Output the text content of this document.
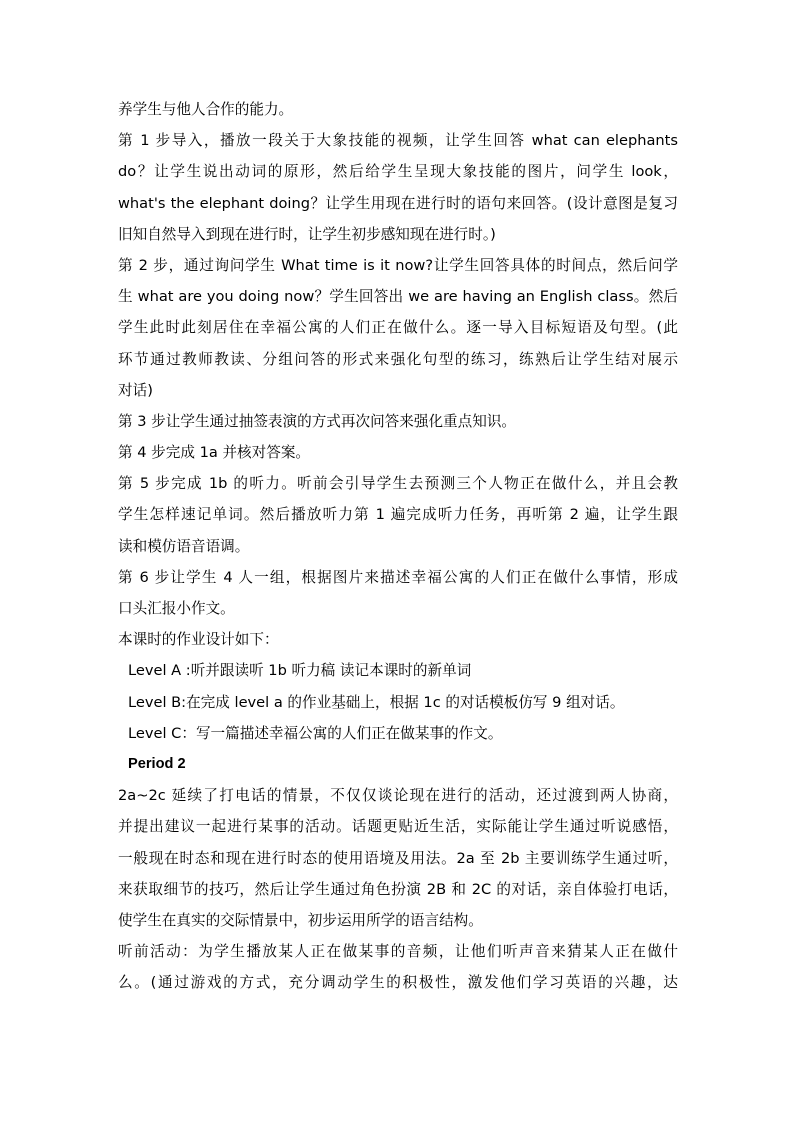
养学生与他人合作的能力。
第 1 步导入，播放一段关于大象技能的视频，让学生回答 what can elephants
do？让学生说出动词的原形，然后给学生呈现大象技能的图片，问学生 look，
what's the elephant doing？让学生用现在进行时的语句来回答。(设计意图是复习
旧知自然导入到现在进行时，让学生初步感知现在进行时。)
第 2 步，通过询问学生 What time is it now?让学生回答具体的时间点，然后问学
生 what are you doing now？学生回答出 we are having an English class。然后
学生此时此刻居住在幸福公寓的人们正在做什么。逐一导入目标短语及句型。(此
环节通过教师教读、分组问答的形式来强化句型的练习，练熟后让学生结对展示
对话)
第 3 步让学生通过抽签表演的方式再次问答来强化重点知识。
第 4 步完成 1a 并核对答案。
第 5 步完成 1b 的听力。听前会引导学生去预测三个人物正在做什么，并且会教
学生怎样速记单词。然后播放听力第 1 遍完成听力任务，再听第 2 遍，让学生跟
读和模仿语音语调。
第 6 步让学生 4 人一组，根据图片来描述幸福公寓的人们正在做什么事情，形成
口头汇报小作文。
本课时的作业设计如下：
Level A :听并跟读听 1b 听力稿 读记本课时的新单词
Level B:在完成 level a 的作业基础上，根据 1c 的对话模板仿写 9 组对话。
Level C：写一篇描述幸福公寓的人们正在做某事的作文。
Period 2
2a~2c 延续了打电话的情景，不仅仅谈论现在进行的活动，还过渡到两人协商，
并提出建议一起进行某事的活动。话题更贴近生活，实际能让学生通过听说感悟，
一般现在时态和现在进行时态的使用语境及用法。2a 至 2b 主要训练学生通过听，
来获取细节的技巧，然后让学生通过角色扮演 2B 和 2C 的对话，亲自体验打电话，
使学生在真实的交际情景中，初步运用所学的语言结构。
听前活动：为学生播放某人正在做某事的音频，让他们听声音来猜某人正在做什
么。(通过游戏的方式，充分调动学生的积极性，激发他们学习英语的兴趣，达
